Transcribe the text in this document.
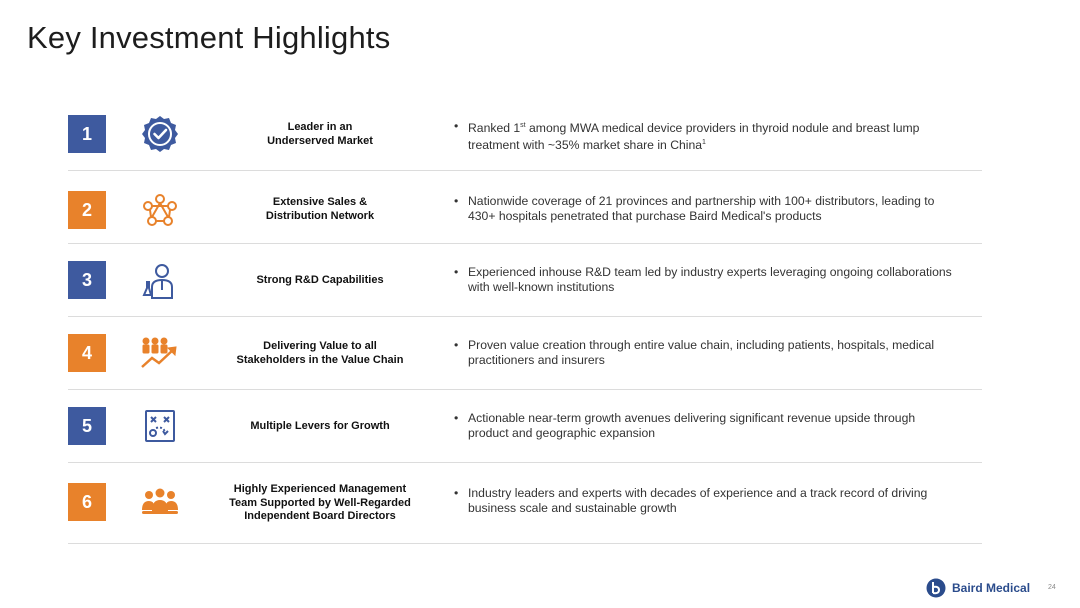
Key Investment Highlights
1	Leader in an
Underserved Market
• Ranked 1st among MWA medical device providers in thyroid nodule and breast lump treatment with ~35% market share in China$^1$
2	Extensive Sales &
Distribution Network
• Nationwide coverage of 21 provinces and partnership with 100+ distributors, leading to 430+ hospitals penetrated that purchase Baird Medical's products
3	Strong R&D Capabilities
• Experienced inhouse R&D team led by industry experts leveraging ongoing collaborations with well-known institutions
4	Delivering Value to all
Stakeholders in the Value Chain
• Proven value creation through entire value chain, including patients, hospitals, medical practitioners and insurers
5	Multiple Levers for Growth
• Actionable near-term growth avenues delivering significant revenue upside through product and geographic expansion
6
Highly Experienced Management
Team Supported by Well-Regarded
Independent Board Directors
• Industry leaders and experts with decades of experience and a track record of driving business scale and sustainable growth
Baird Medical	24
